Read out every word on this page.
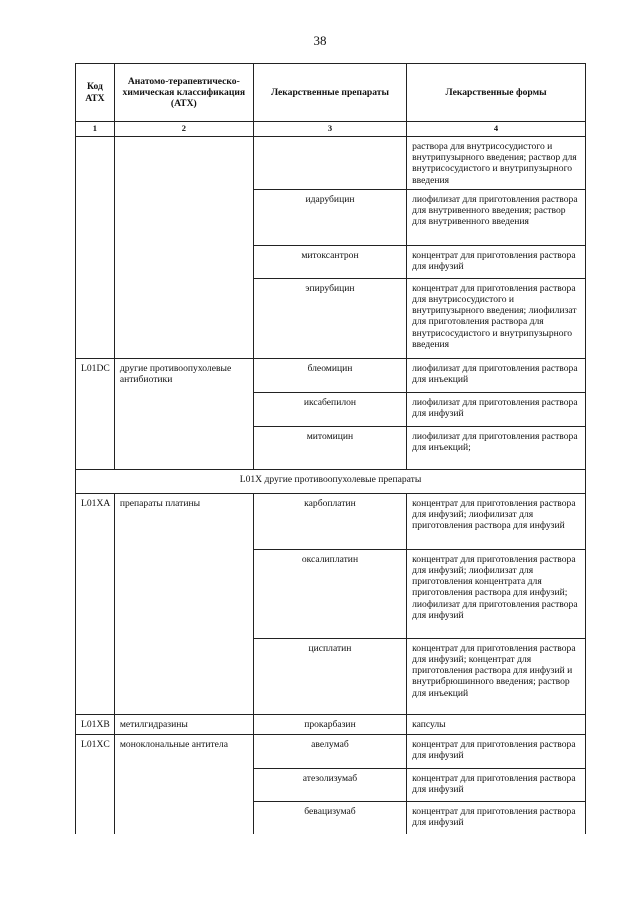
38
Код АТХ	Анатомо-терапевтическо-химическая классификация (АТХ)	Лекарственные препараты	Лекарственные формы
1	2	3	4
			раствора для внутрисосудистого и внутрипузырного введения; раствор для внутрисосудистого и внутрипузырного введения
		идарубицин	лиофилизат для приготовления раствора для внутривенного введения; раствор для внутривенного введения
		митоксантрон	концентрат для приготовления раствора для инфузий
		эпирубицин	концентрат для приготовления раствора для внутрисосудистого и внутрипузырного введения; лиофилизат для приготовления раствора для внутрисосудистого и внутрипузырного введения
L01DC	другие противоопухолевые антибиотики	блеомицин	лиофилизат для приготовления раствора для инъекций
		иксабепилон	лиофилизат для приготовления раствора для инфузий
		митомицин	лиофилизат для приготовления раствора для инъекций;
L01X другие противоопухолевые препараты			
L01XA	препараты платины	карбоплатин	концентрат для приготовления раствора для инфузий; лиофилизат для приготовления раствора для инфузий
		оксалиплатин	концентрат для приготовления раствора для инфузий; лиофилизат для приготовления концентрата для приготовления раствора для инфузий; лиофилизат для приготовления раствора для инфузий
		цисплатин	концентрат для приготовления раствора для инфузий; концентрат для приготовления раствора для инфузий и внутрибрюшинного введения; раствор для инъекций
L01XB	метилгидразины	прокарбазин	капсулы
L01XC	моноклональные антитела	авелумаб	концентрат для приготовления раствора для инфузий
		атезолизумаб	концентрат для приготовления раствора для инфузий
		бевацизумаб	концентрат для приготовления раствора для инфузий
